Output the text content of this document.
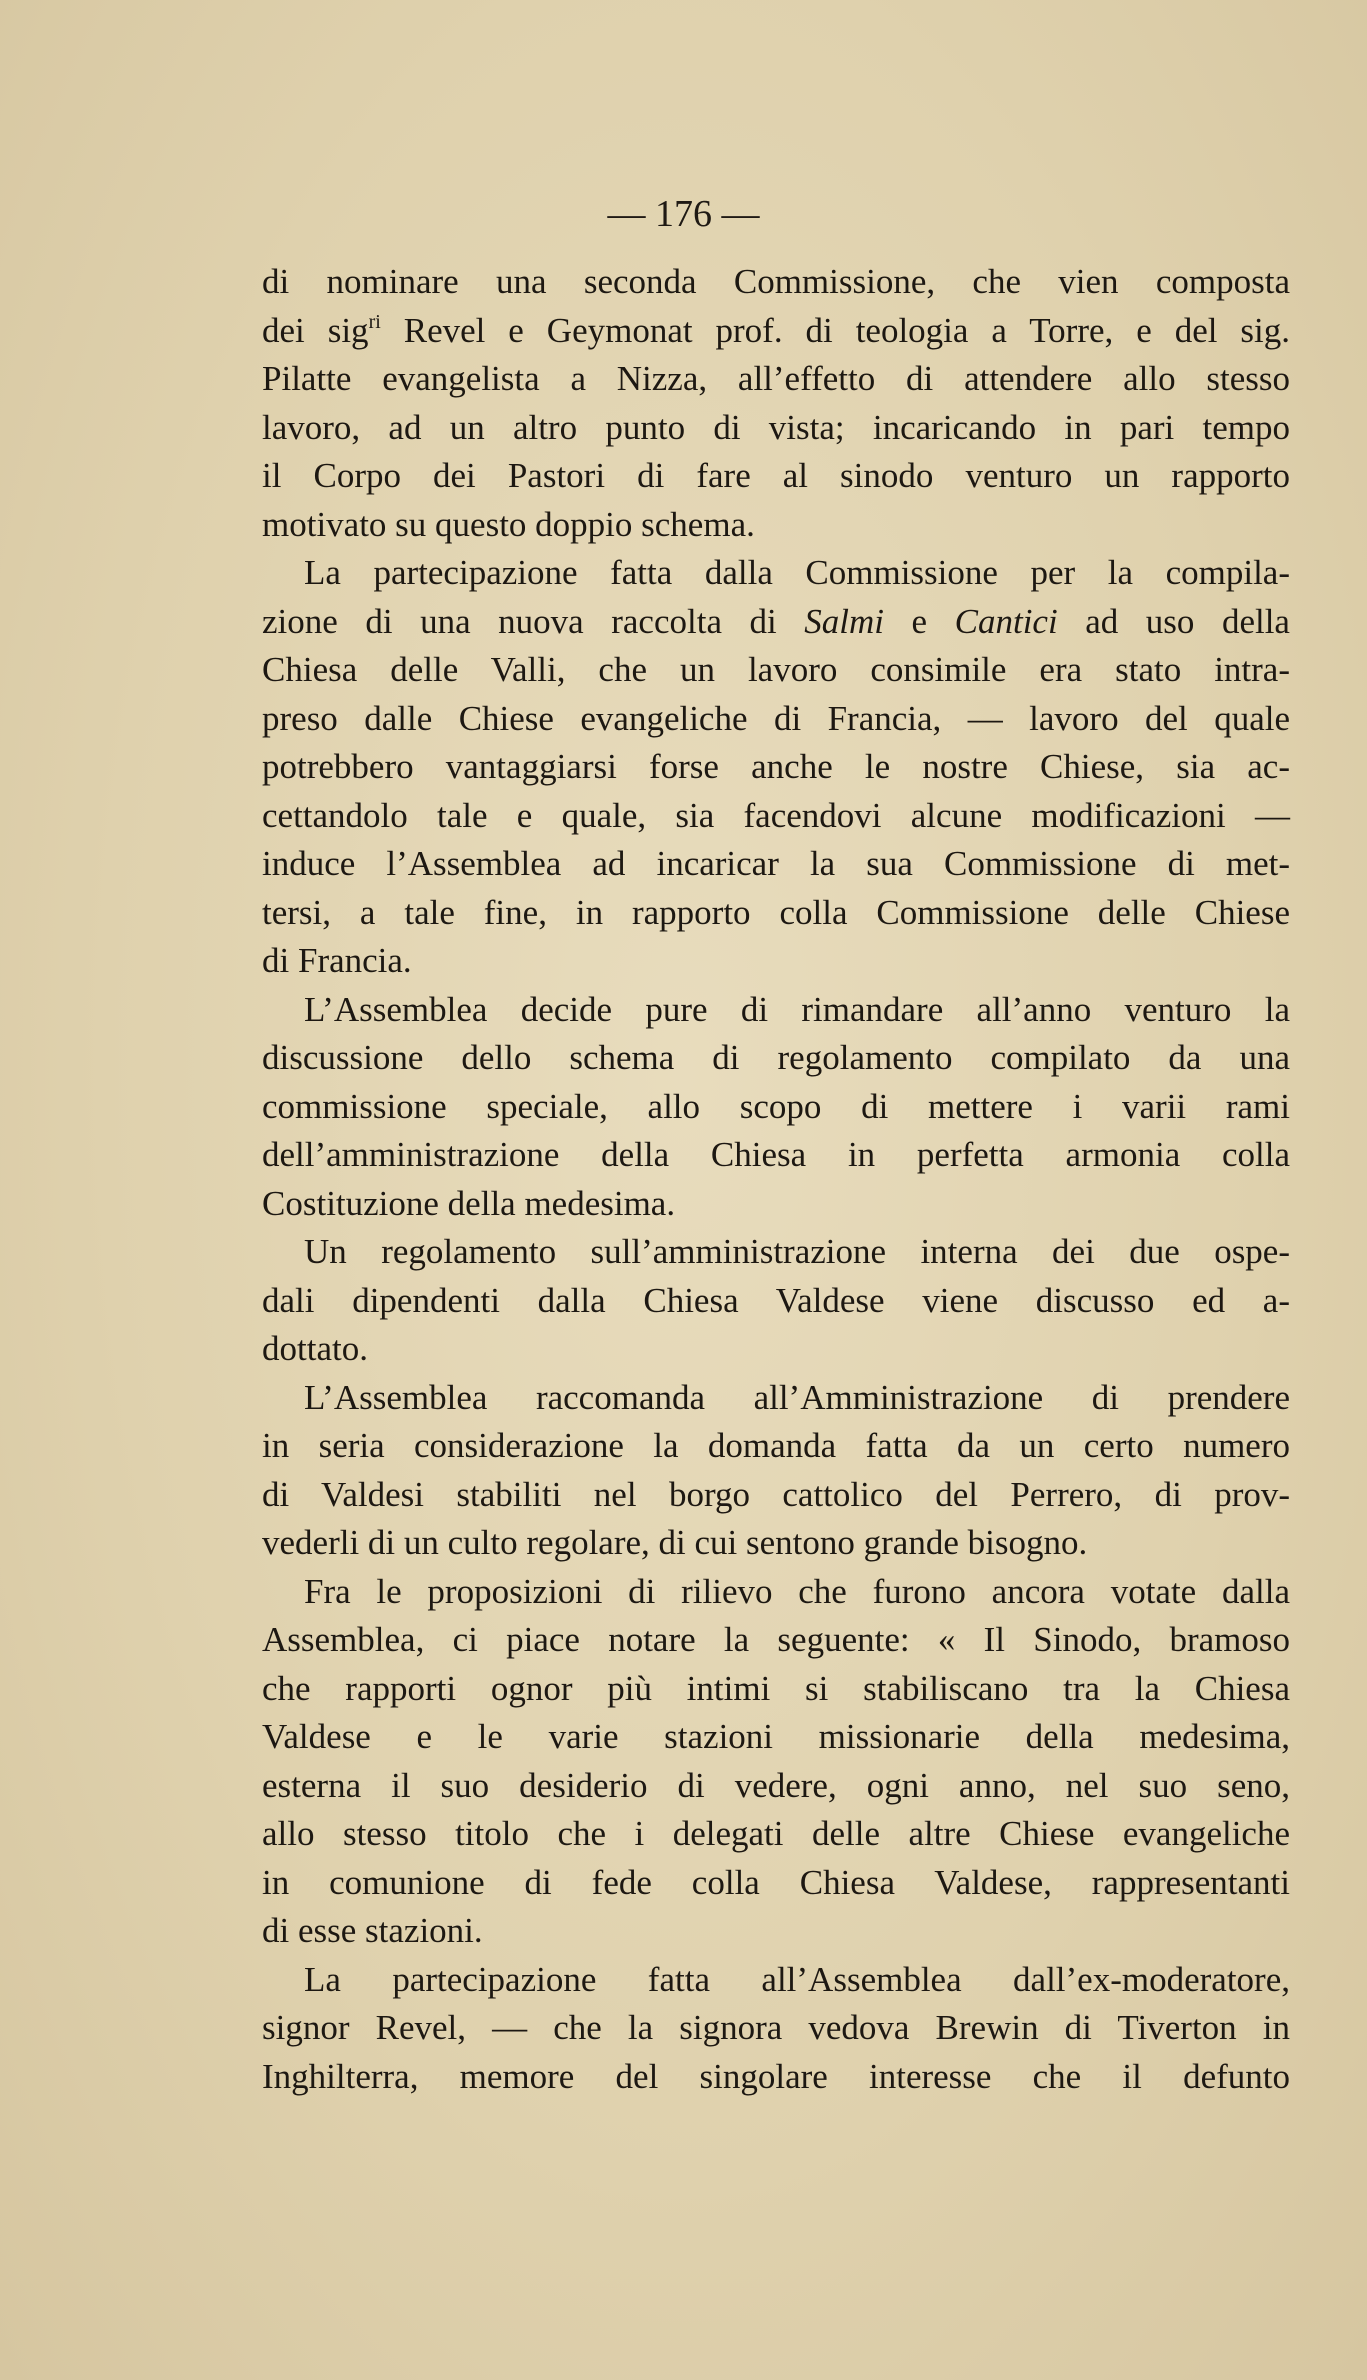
— 176 —
di nominare una seconda Commissione, che vien composta
dei sig$^{ri}$ Revel e Geymonat prof. di teologia a Torre, e del sig.
Pilatte evangelista a Nizza, all’effetto di attendere allo stesso
lavoro, ad un altro punto di vista; incaricando in pari tempo
il Corpo dei Pastori di fare al sinodo venturo un rapporto
motivato su questo doppio schema.
La partecipazione fatta dalla Commissione per la compila-
zione di una nuova raccolta di Salmi e Cantici ad uso della
Chiesa delle Valli, che un lavoro consimile era stato intra-
preso dalle Chiese evangeliche di Francia, — lavoro del quale
potrebbero vantaggiarsi forse anche le nostre Chiese, sia ac-
cettandolo tale e quale, sia facendovi alcune modificazioni —
induce l’Assemblea ad incaricar la sua Commissione di met-
tersi, a tale fine, in rapporto colla Commissione delle Chiese
di Francia.
L’Assemblea decide pure di rimandare all’anno venturo la
discussione dello schema di regolamento compilato da una
commissione speciale, allo scopo di mettere i varii rami
dell’amministrazione della Chiesa in perfetta armonia colla
Costituzione della medesima.
Un regolamento sull’amministrazione interna dei due ospe-
dali dipendenti dalla Chiesa Valdese viene discusso ed a-
dottato.
L’Assemblea raccomanda all’Amministrazione di prendere
in seria considerazione la domanda fatta da un certo numero
di Valdesi stabiliti nel borgo cattolico del Perrero, di prov-
vederli di un culto regolare, di cui sentono grande bisogno.
Fra le proposizioni di rilievo che furono ancora votate dalla
Assemblea, ci piace notare la seguente: « Il Sinodo, bramoso
che rapporti ognor più intimi si stabiliscano tra la Chiesa
Valdese e le varie stazioni missionarie della medesima,
esterna il suo desiderio di vedere, ogni anno, nel suo seno,
allo stesso titolo che i delegati delle altre Chiese evangeliche
in comunione di fede colla Chiesa Valdese, rappresentanti
di esse stazioni.
La partecipazione fatta all’Assemblea dall’ex-moderatore,
signor Revel, — che la signora vedova Brewin di Tiverton in
Inghilterra, memore del singolare interesse che il defunto
